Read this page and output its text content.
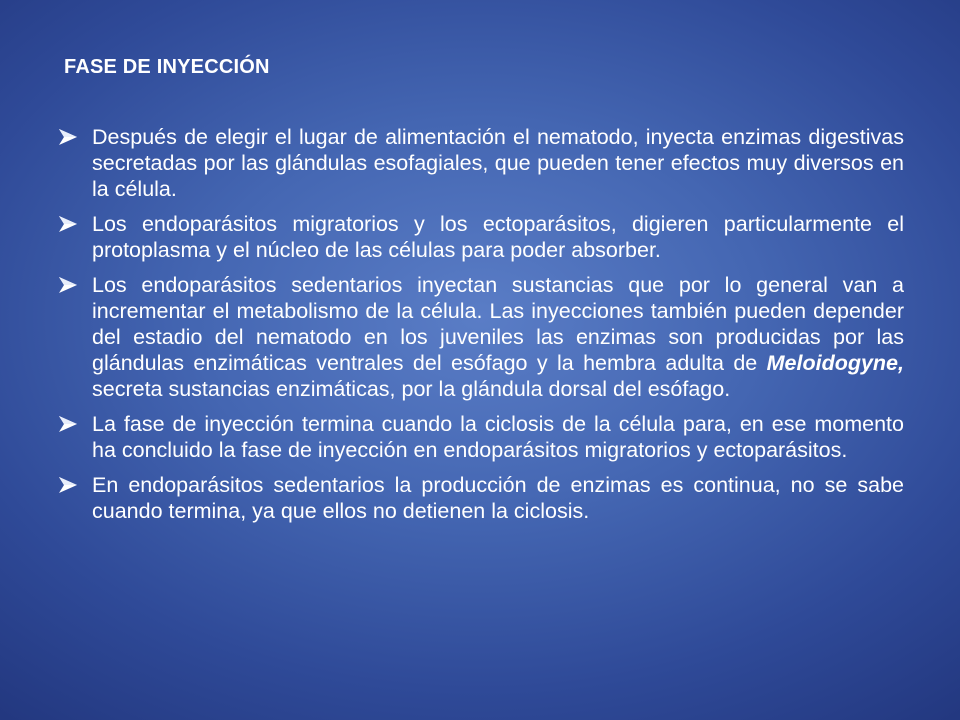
FASE DE INYECCIÓN
Después de elegir el lugar de alimentación el nematodo, inyecta enzimas digestivas secretadas por las glándulas esofagiales, que pueden tener efectos muy diversos en la célula.
Los endoparásitos migratorios y los ectoparásitos, digieren particularmente el protoplasma y el núcleo de las células para poder absorber.
Los endoparásitos sedentarios inyectan sustancias que por lo general van a incrementar el metabolismo de la célula. Las inyecciones también pueden depender del estadio del nematodo en los juveniles las enzimas son producidas por las glándulas enzimáticas ventrales del esófago y la hembra adulta de Meloidogyne, secreta sustancias enzimáticas, por la glándula dorsal del esófago.
La fase de inyección termina cuando la ciclosis de la célula para, en ese momento ha concluido la fase de inyección en endoparásitos migratorios y ectoparásitos.
En endoparásitos sedentarios la producción de enzimas es continua, no se sabe cuando termina, ya que ellos no detienen la ciclosis.
